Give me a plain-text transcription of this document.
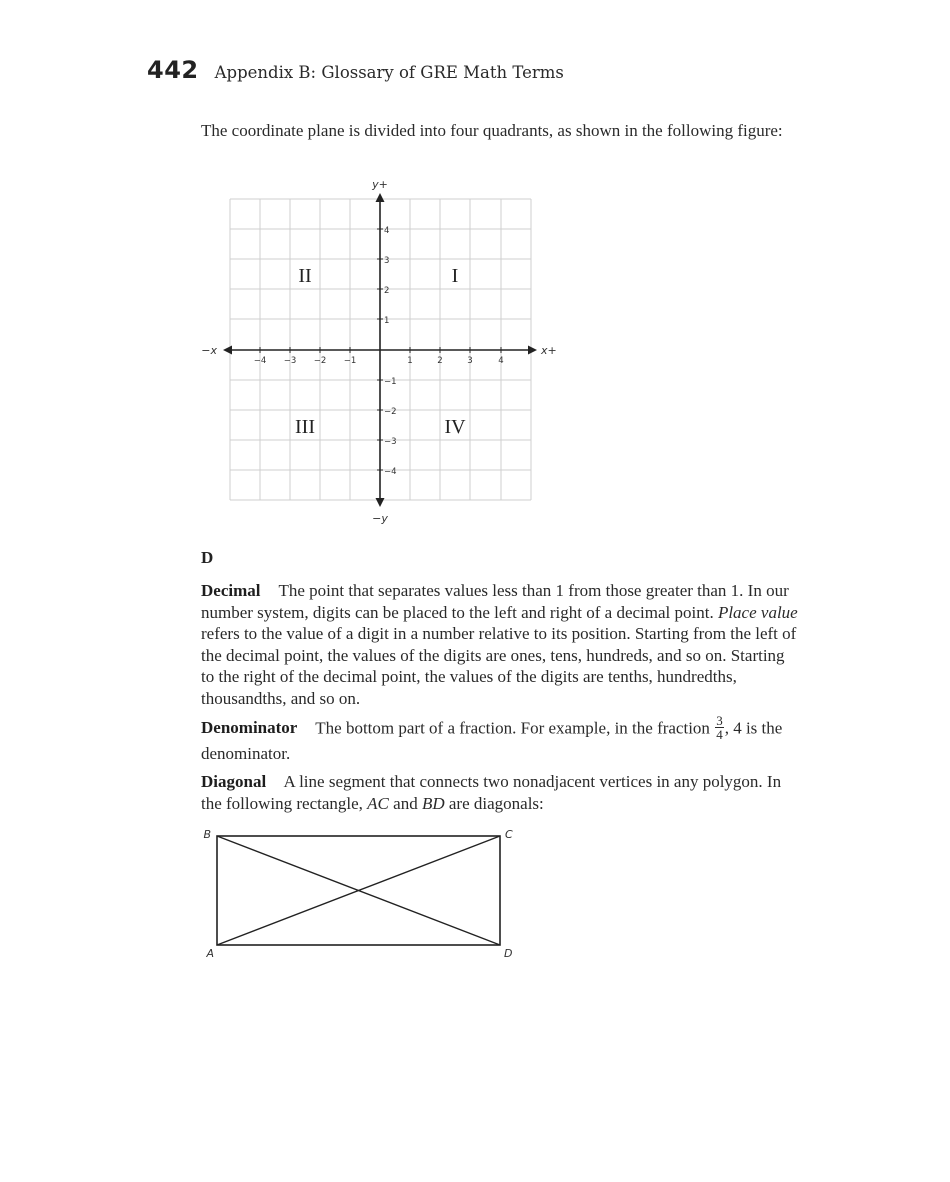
442 Appendix B: Glossary of GRE Math Terms

The coordinate plane is divided into four quadrants, as shown in the following figure:

y+
−y
x+
−x
−4 −3 −2 −1	1	2	3	4
4
3
2
1
−1
−2
−3
−4
II	I
III	IV
D

Decimal The point that separates values less than 1 from those greater than 1. In our number system, digits can be placed to the left and right of a decimal point. Place value refers to the value of a digit in a number relative to its position. Starting from the left of the decimal point, the values of the digits are ones, tens, hundreds, and so on. Starting to the right of the decimal point, the values of the digits are tenths, hundredths, thousandths, and so on.

Denominator The bottom part of a fraction. For example, in the fraction $\frac{3}{4}$ , 4 is the denominator.

Diagonal A line segment that connects two nonadjacent vertices in any polygon. In the following rectangle, AC and BD are diagonals:

B	C
A	D
